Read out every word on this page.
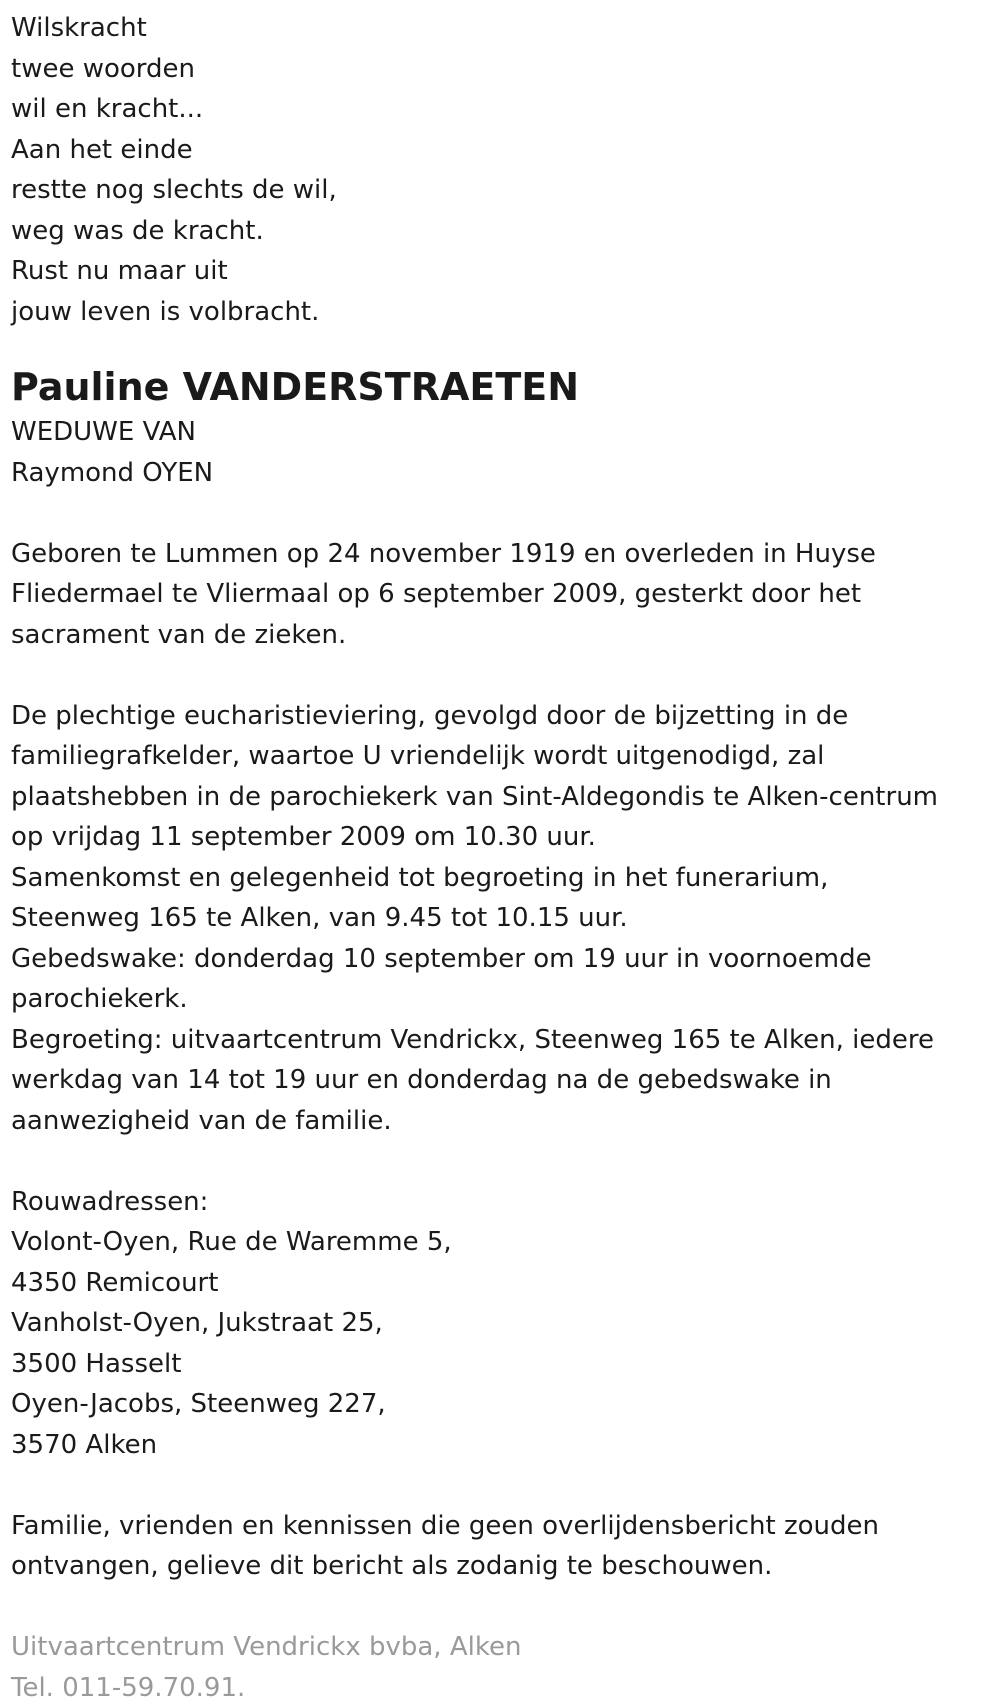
Wilskracht

twee woorden

wil en kracht...

Aan het einde

restte nog slechts de wil,

weg was de kracht.

Rust nu maar uit

jouw leven is volbracht.

Pauline VANDERSTRAETEN

WEDUWE VAN

Raymond OYEN

Geboren te Lummen op 24 november 1919 en overleden in Huyse

Fliedermael te Vliermaal op 6 september 2009, gesterkt door het

sacrament van de zieken.

De plechtige eucharistieviering, gevolgd door de bijzetting in de

familiegrafkelder, waartoe U vriendelijk wordt uitgenodigd, zal

plaatshebben in de parochiekerk van Sint-Aldegondis te Alken-centrum

op vrijdag 11 september 2009 om 10.30 uur.

Samenkomst en gelegenheid tot begroeting in het funerarium,

Steenweg 165 te Alken, van 9.45 tot 10.15 uur.

Gebedswake: donderdag 10 september om 19 uur in voornoemde

parochiekerk.

Begroeting: uitvaartcentrum Vendrickx, Steenweg 165 te Alken, iedere

werkdag van 14 tot 19 uur en donderdag na de gebedswake in

aanwezigheid van de familie.

Rouwadressen:

Volont-Oyen, Rue de Waremme 5,

4350 Remicourt

Vanholst-Oyen, Jukstraat 25,

3500 Hasselt

Oyen-Jacobs, Steenweg 227,

3570 Alken

Familie, vrienden en kennissen die geen overlijdensbericht zouden

ontvangen, gelieve dit bericht als zodanig te beschouwen.

Uitvaartcentrum Vendrickx bvba, Alken

Tel. 011-59.70.91.
